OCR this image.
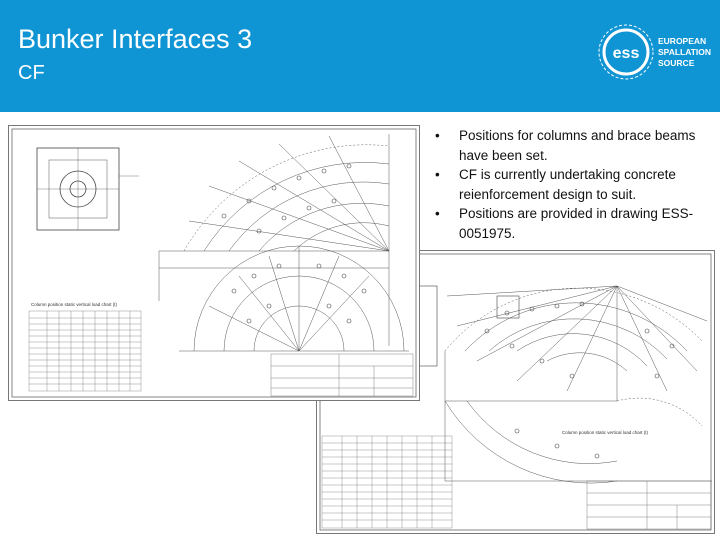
Bunker Interfaces 3
CF
ess
EUROPEAN
SPALLATION
SOURCE
Column position static vertical load chart (t)
Column position static vertical load chart (t)
• Positions for columns and brace beams have been set.
• CF is currently undertaking concrete reienforcement design to suit.
• Positions are provided in drawing ESS-0051975.
